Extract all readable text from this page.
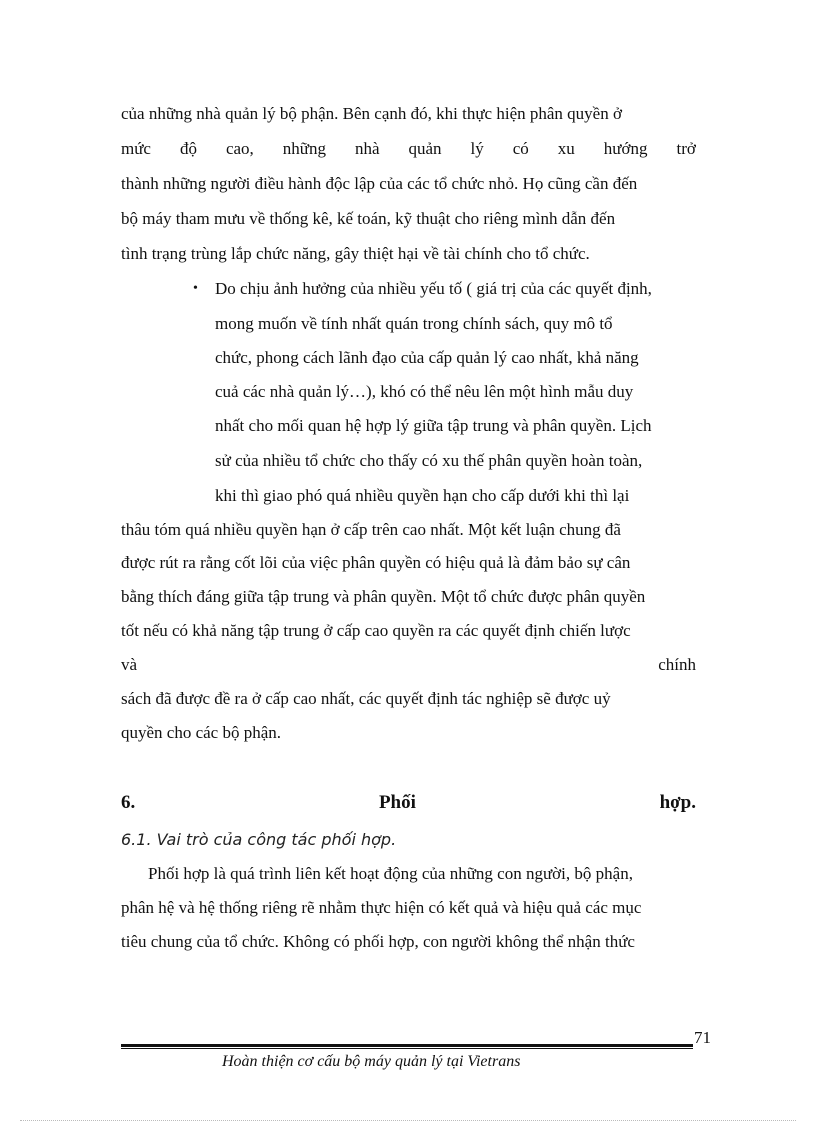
của những nhà quản lý bộ phận. Bên cạnh đó, khi thực hiện phân quyền ở
mức độ cao, những nhà quản lý có xu hướng trở
thành những người điều hành độc lập của các tổ chức nhỏ. Họ cũng cần đến
bộ máy tham mưu về thống kê, kế toán, kỹ thuật cho riêng mình dẫn đến
tình trạng trùng lắp chức năng, gây thiệt hại về tài chính cho tổ chức.
• Do chịu ảnh hưởng của nhiều yếu tố ( giá trị của các quyết định,
mong muốn về tính nhất quán trong chính sách, quy mô tổ
chức, phong cách lãnh đạo của cấp quản lý cao nhất, khả năng
cuả các nhà quản lý…), khó có thể nêu lên một hình mẫu duy
nhất cho mối quan hệ hợp lý giữa tập trung và phân quyền. Lịch
sử của nhiều tổ chức cho thấy có xu thế phân quyền hoàn toàn,
khi thì giao phó quá nhiều quyền hạn cho cấp dưới khi thì lại
thâu tóm quá nhiều quyền hạn ở cấp trên cao nhất. Một kết luận chung đã
được rút ra rằng cốt lõi của việc phân quyền có hiệu quả là đảm bảo sự cân
bằng thích đáng giữa tập trung và phân quyền. Một tổ chức được phân quyền
tốt nếu có khả năng tập trung ở cấp cao quyền ra các quyết định chiến lược
và	chính
sách đã được đề ra ở cấp cao nhất, các quyết định tác nghiệp sẽ được uỷ
quyền cho các bộ phận.
6.	Phối	hợp.
6.1. Vai trò của công tác phối hợp.
Phối hợp là quá trình liên kết hoạt động của những con người, bộ phận,
phân hệ và hệ thống riêng rẽ nhằm thực hiện có kết quả và hiệu quả các mục
tiêu chung của tổ chức. Không có phối hợp, con người không thể nhận thức
71
Hoàn thiện cơ cấu bộ máy quản lý tại Vietrans
